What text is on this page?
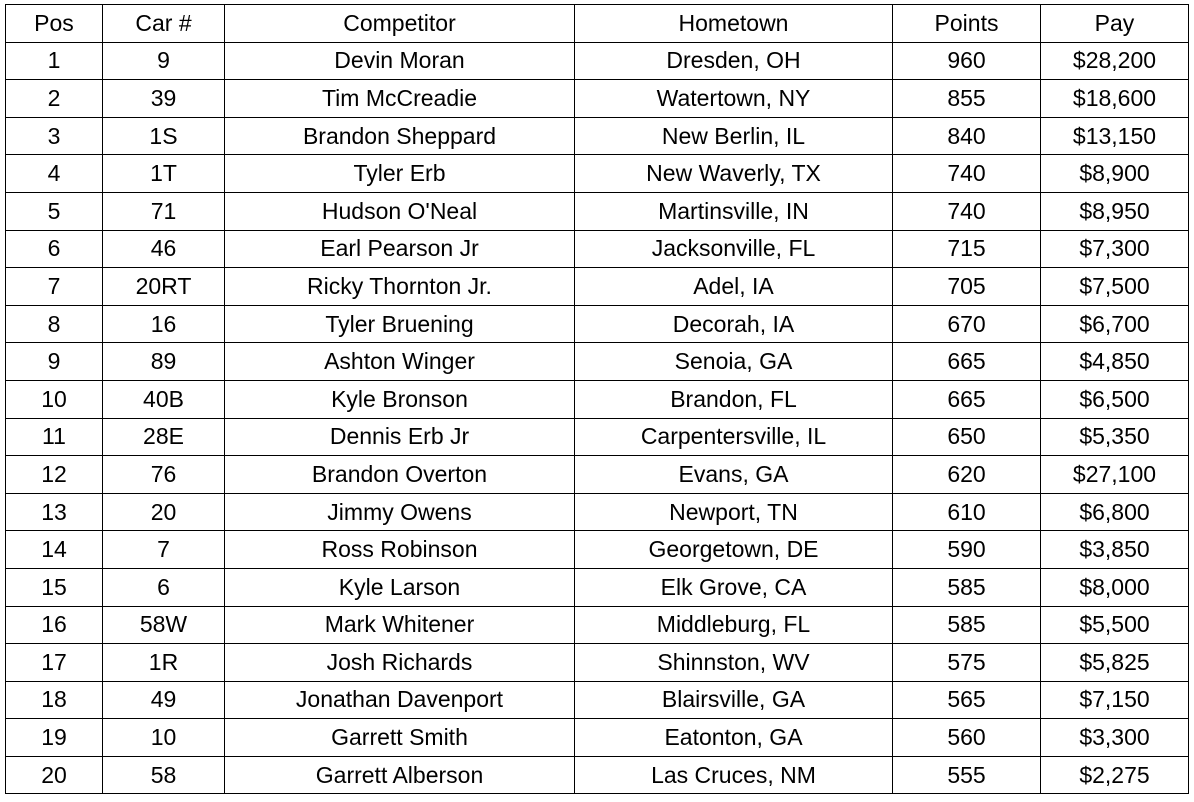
Pos	Car #	Competitor	Hometown	Points	Pay
1	9	Devin Moran	Dresden, OH	960	$28,200
2	39	Tim McCreadie	Watertown, NY	855	$18,600
3	1S	Brandon Sheppard	New Berlin, IL	840	$13,150
4	1T	Tyler Erb	New Waverly, TX	740	$8,900
5	71	Hudson O'Neal	Martinsville, IN	740	$8,950
6	46	Earl Pearson Jr	Jacksonville, FL	715	$7,300
7	20RT	Ricky Thornton Jr.	Adel, IA	705	$7,500
8	16	Tyler Bruening	Decorah, IA	670	$6,700
9	89	Ashton Winger	Senoia, GA	665	$4,850
10	40B	Kyle Bronson	Brandon, FL	665	$6,500
11	28E	Dennis Erb Jr	Carpentersville, IL	650	$5,350
12	76	Brandon Overton	Evans, GA	620	$27,100
13	20	Jimmy Owens	Newport, TN	610	$6,800
14	7	Ross Robinson	Georgetown, DE	590	$3,850
15	6	Kyle Larson	Elk Grove, CA	585	$8,000
16	58W	Mark Whitener	Middleburg, FL	585	$5,500
17	1R	Josh Richards	Shinnston, WV	575	$5,825
18	49	Jonathan Davenport	Blairsville, GA	565	$7,150
19	10	Garrett Smith	Eatonton, GA	560	$3,300
20	58	Garrett Alberson	Las Cruces, NM	555	$2,275
